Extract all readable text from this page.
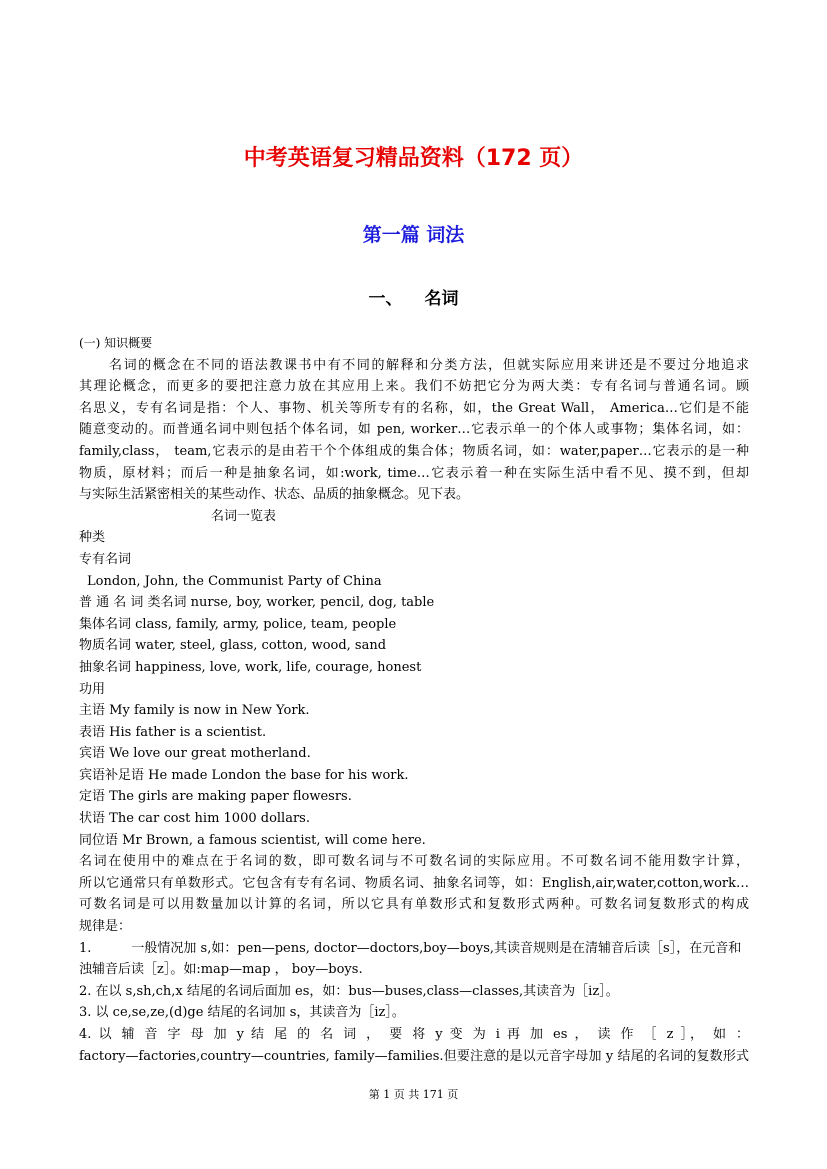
中考英语复习精品资料（172 页）
第一篇 词法
一、 名词
(一) 知识概要
名词的概念在不同的语法教课书中有不同的解释和分类方法，但就实际应用来讲还是不要过分地追求
其理论概念，而更多的要把注意力放在其应用上来。我们不妨把它分为两大类：专有名词与普通名词。顾
名思义，专有名词是指：个人、事物、机关等所专有的名称，如，the Great Wall， America…它们是不能
随意变动的。而普通名词中则包括个体名词，如 pen, worker…它表示单一的个体人或事物；集体名词，如：
family,class， team,它表示的是由若干个个体组成的集合体；物质名词，如：water,paper…它表示的是一种
物质，原材料；而后一种是抽象名词，如:work, time…它表示着一种在实际生活中看不见、摸不到，但却
与实际生活紧密相关的某些动作、状态、品质的抽象概念。见下表。
名词一览表
种类
专有名词
London, John, the Communist Party of China
普 通 名 词 类名词 nurse, boy, worker, pencil, dog, table
集体名词 class, family, army, police, team, people
物质名词 water, steel, glass, cotton, wood, sand
抽象名词 happiness, love, work, life, courage, honest
功用
主语 My family is now in New York.
表语 His father is a scientist.
宾语 We love our great motherland.
宾语补足语 He made London the base for his work.
定语 The girls are making paper flowesrs.
状语 The car cost him 1000 dollars.
同位语 Mr Brown, a famous scientist, will come here.
名词在使用中的难点在于名词的数，即可数名词与不可数名词的实际应用。不可数名词不能用数字计算，
所以它通常只有单数形式。它包含有专有名词、物质名词、抽象名词等，如：English,air,water,cotton,work…
可数名词是可以用数量加以计算的名词，所以它具有单数形式和复数形式两种。可数名词复数形式的构成
规律是：
1.	一般情况加 s,如：pen—pens, doctor—doctors,boy—boys,其读音规则是在清辅音后读［s］，在元音和
浊辅音后读［z］。如:map—map ， boy—boys.
2. 在以 s,sh,ch,x 结尾的名词后面加 es，如：bus—buses,class—classes,其读音为［iz］。
3. 以 ce,se,ze,(d)ge 结尾的名词加 s，其读音为［iz］。
4. 以 辅 音 字 母 加 y 结 尾 的 名 词 ， 要 将 y 变 为 i 再 加 es ， 读 作 ［ z ］， 如 ：
factory—factories,country—countries, family—families.但要注意的是以元音字母加 y 结尾的名词的复数形式
第 1 页 共 171 页
